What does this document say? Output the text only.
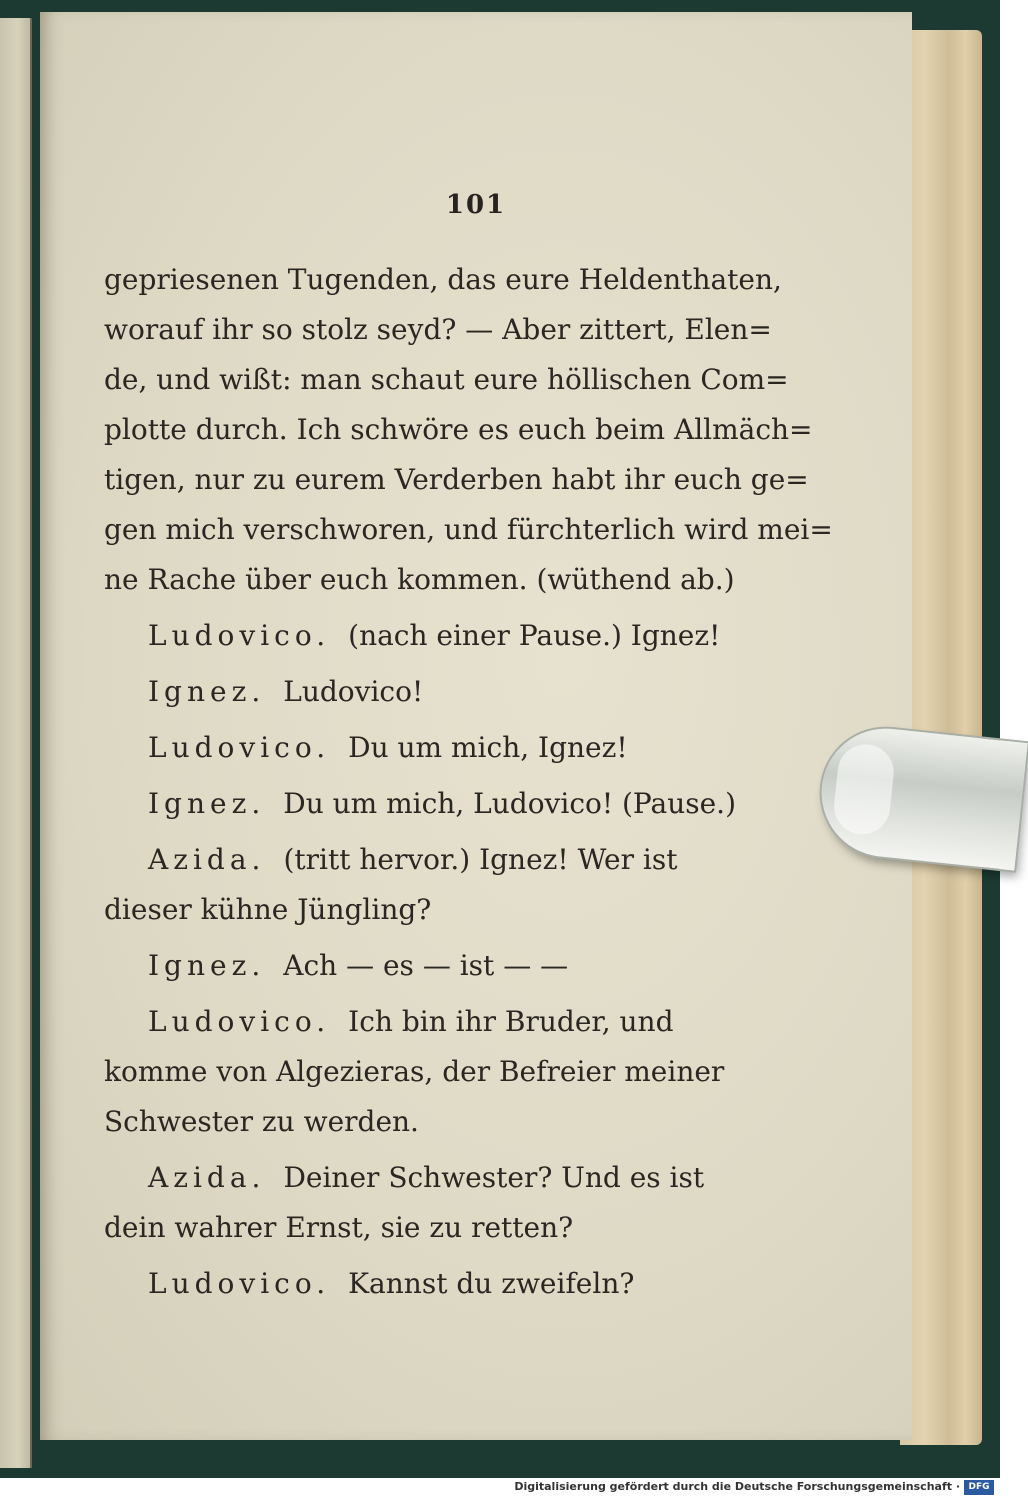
101
gepriesenen Tugenden, das eure Heldenthaten,
worauf ihr so stolz seyd? — Aber zittert, Elen=
de, und wißt: man schaut eure höllischen Com=
plotte durch. Ich schwöre es euch beim Allmäch=
tigen, nur zu eurem Verderben habt ihr euch ge=
gen mich verschworen, und fürchterlich wird mei=
ne Rache über euch kommen. (wüthend ab.)
Ludovico. (nach einer Pause.) Ignez!
Ignez. Ludovico!
Ludovico. Du um mich, Ignez!
Ignez. Du um mich, Ludovico! (Pause.)
Azida. (tritt hervor.) Ignez! Wer ist
dieser kühne Jüngling?
Ignez. Ach — es — ist — —
Ludovico. Ich bin ihr Bruder, und
komme von Algezieras, der Befreier meiner
Schwester zu werden.
Azida. Deiner Schwester? Und es ist
dein wahrer Ernst, sie zu retten?
Ludovico. Kannst du zweifeln?
Digitalisierung gefördert durch die Deutsche Forschungsgemeinschaft · DFG
